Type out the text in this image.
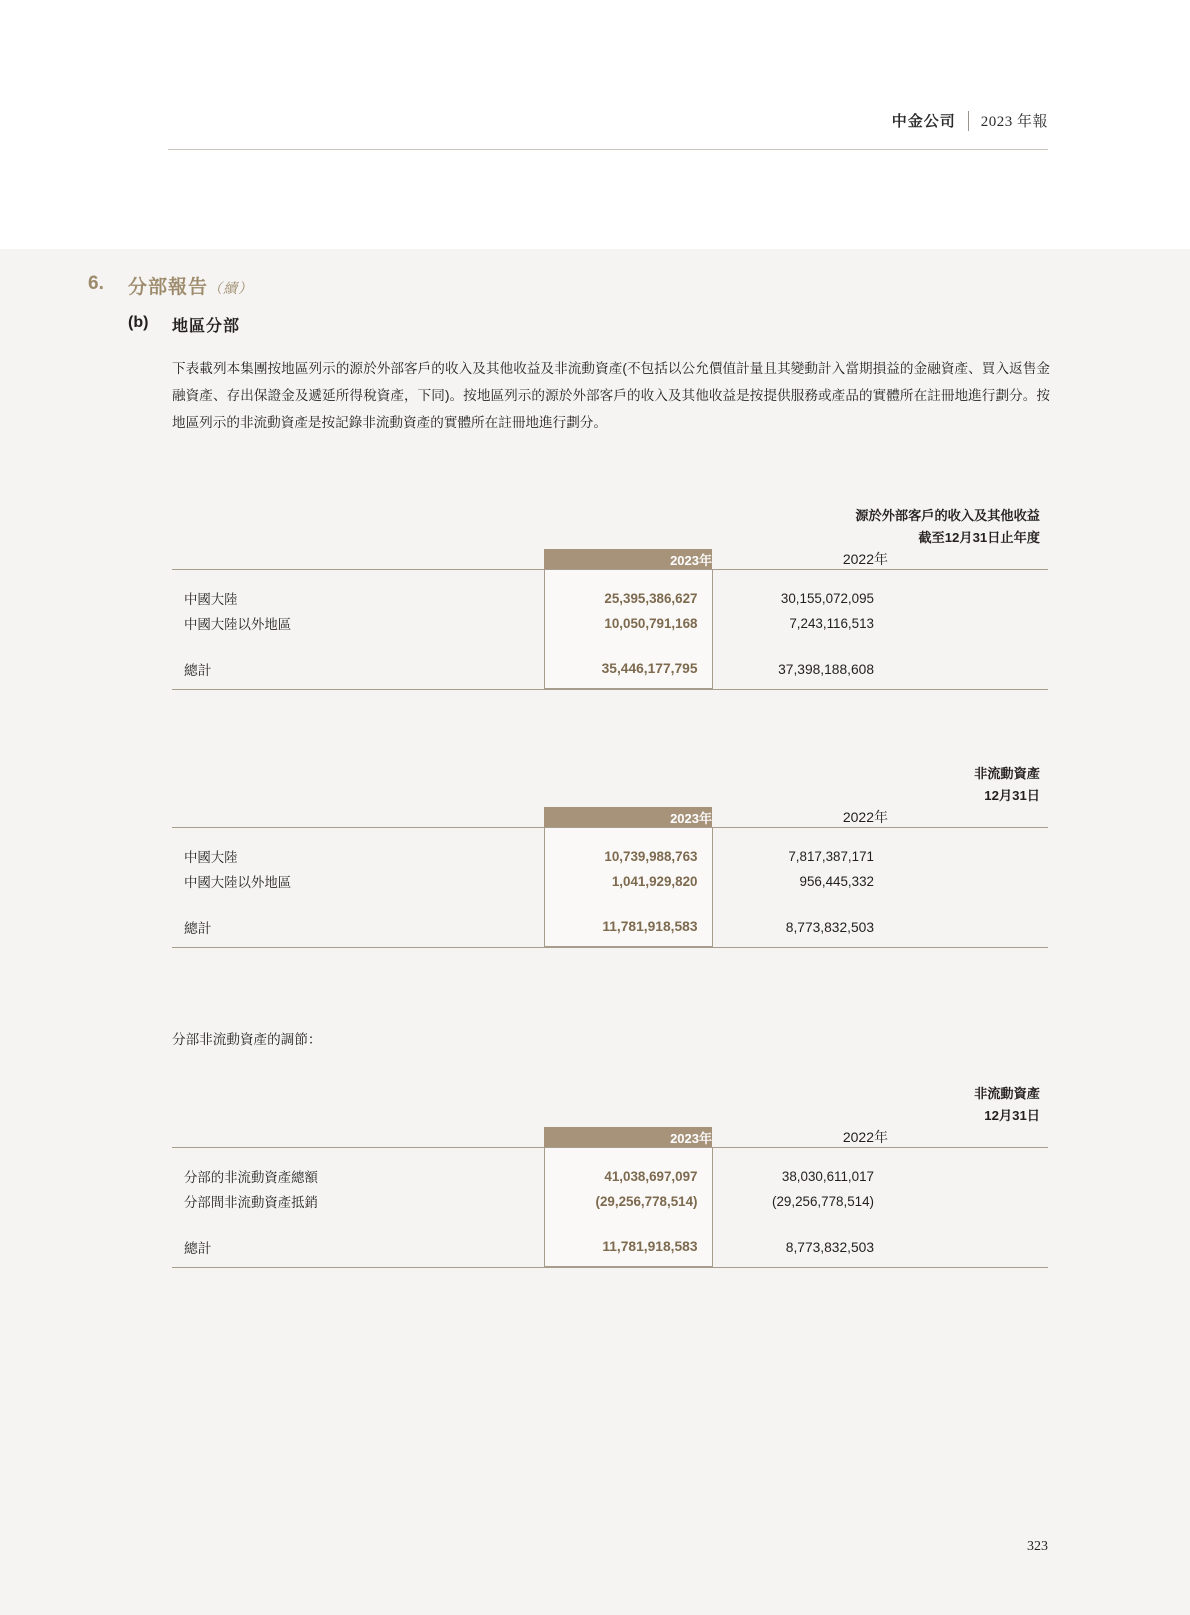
中金公司	2023 年報
6. 分部報告（續）
(b) 地區分部
下表載列本集團按地區列示的源於外部客戶的收入及其他收益及非流動資產(不包括以公允價值計量且其變動計入當期損益的金融資產、買入返售金融資產、存出保證金及遞延所得稅資產，下同)。按地區列示的源於外部客戶的收入及其他收益是按提供服務或產品的實體所在註冊地進行劃分。按地區列示的非流動資產是按記錄非流動資產的實體所在註冊地進行劃分。
源於外部客戶的收入及其他收益
截至12月31日止年度
	2023年		2022年	

中國大陸	25,395,386,627		30,155,072,095	
中國大陸以外地區	10,050,791,168		7,243,116,513	

總計	35,446,177,795		37,398,188,608	

非流動資產
12月31日
	2023年		2022年	

中國大陸	10,739,988,763		7,817,387,171	
中國大陸以外地區	1,041,929,820		956,445,332	

總計	11,781,918,583		8,773,832,503	

分部非流動資產的調節：
非流動資產
12月31日
	2023年		2022年	

分部的非流動資產總額	41,038,697,097		38,030,611,017	
分部間非流動資產抵銷	(29,256,778,514)		(29,256,778,514)	

總計	11,781,918,583		8,773,832,503	

323
